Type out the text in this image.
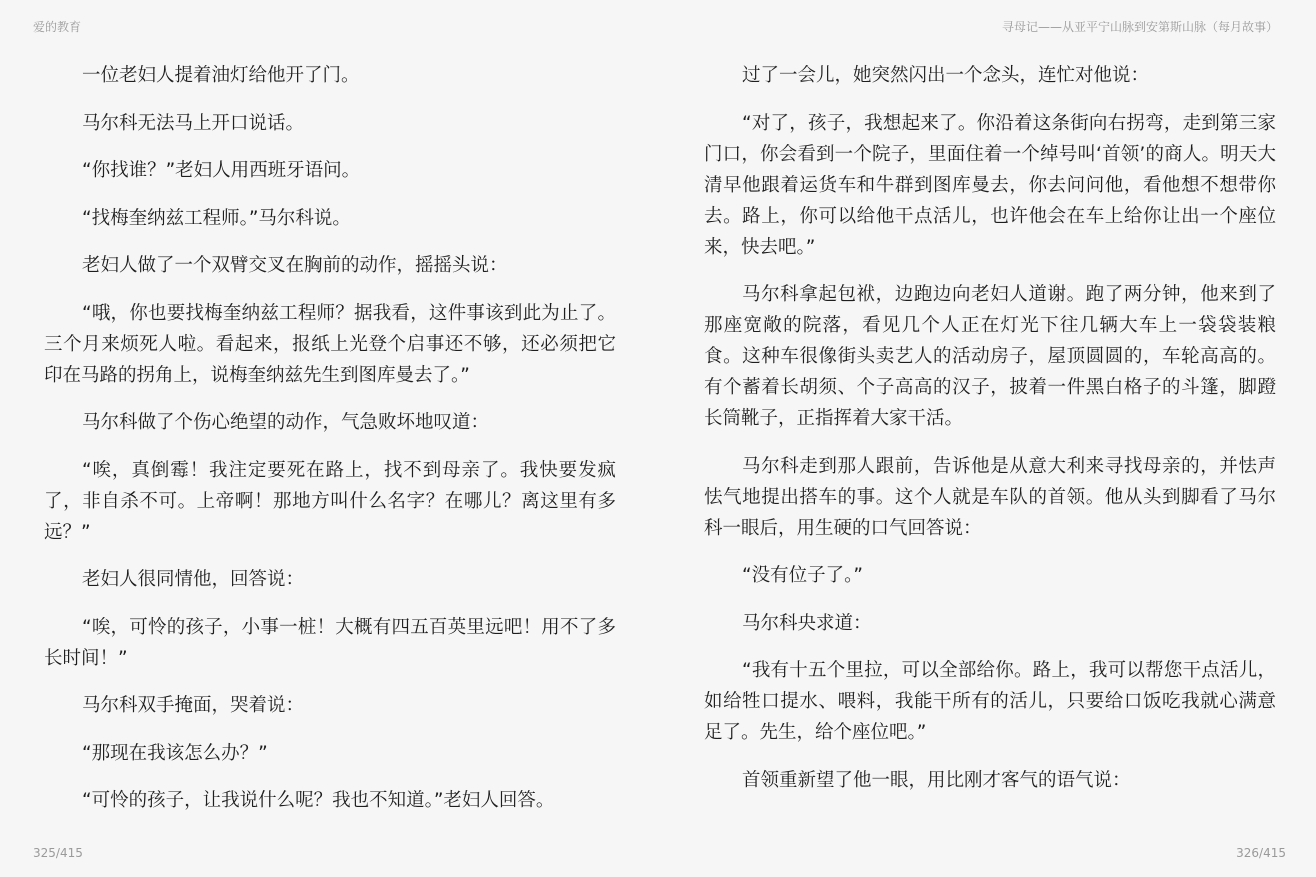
爱的教育	寻母记——从亚平宁山脉到安第斯山脉（每月故事）

一位老妇人提着油灯给他开了门。

马尔科无法马上开口说话。

“你找谁？”老妇人用西班牙语问。

“找梅奎纳兹工程师。”马尔科说。

老妇人做了一个双臂交叉在胸前的动作，摇摇头说：

“哦，你也要找梅奎纳兹工程师？据我看，这件事该到此为止了。三个月来烦死人啦。看起来，报纸上光登个启事还不够，还必须把它印在马路的拐角上，说梅奎纳兹先生到图库曼去了。”

马尔科做了个伤心绝望的动作，气急败坏地叹道：

“唉，真倒霉！我注定要死在路上，找不到母亲了。我快要发疯了，非自杀不可。上帝啊！那地方叫什么名字？在哪儿？离这里有多远？”

老妇人很同情他，回答说：

“唉，可怜的孩子，小事一桩！大概有四五百英里远吧！用不了多长时间！”

马尔科双手掩面，哭着说：

“那现在我该怎么办？”

“可怜的孩子，让我说什么呢？我也不知道。”老妇人回答。

过了一会儿，她突然闪出一个念头，连忙对他说：

“对了，孩子，我想起来了。你沿着这条街向右拐弯，走到第三家门口，你会看到一个院子，里面住着一个绰号叫‘首领’的商人。明天大清早他跟着运货车和牛群到图库曼去，你去问问他，看他想不想带你去。路上，你可以给他干点活儿，也许他会在车上给你让出一个座位来，快去吧。”

马尔科拿起包袱，边跑边向老妇人道谢。跑了两分钟，他来到了那座宽敞的院落，看见几个人正在灯光下往几辆大车上一袋袋装粮食。这种车很像街头卖艺人的活动房子，屋顶圆圆的，车轮高高的。有个蓄着长胡须、个子高高的汉子，披着一件黑白格子的斗篷，脚蹬长筒靴子，正指挥着大家干活。

马尔科走到那人跟前，告诉他是从意大利来寻找母亲的，并怯声怯气地提出搭车的事。这个人就是车队的首领。他从头到脚看了马尔科一眼后，用生硬的口气回答说：

“没有位子了。”

马尔科央求道：

“我有十五个里拉，可以全部给你。路上，我可以帮您干点活儿，如给牲口提水、喂料，我能干所有的活儿，只要给口饭吃我就心满意足了。先生，给个座位吧。”

首领重新望了他一眼，用比刚才客气的语气说：

325/415	326/415
